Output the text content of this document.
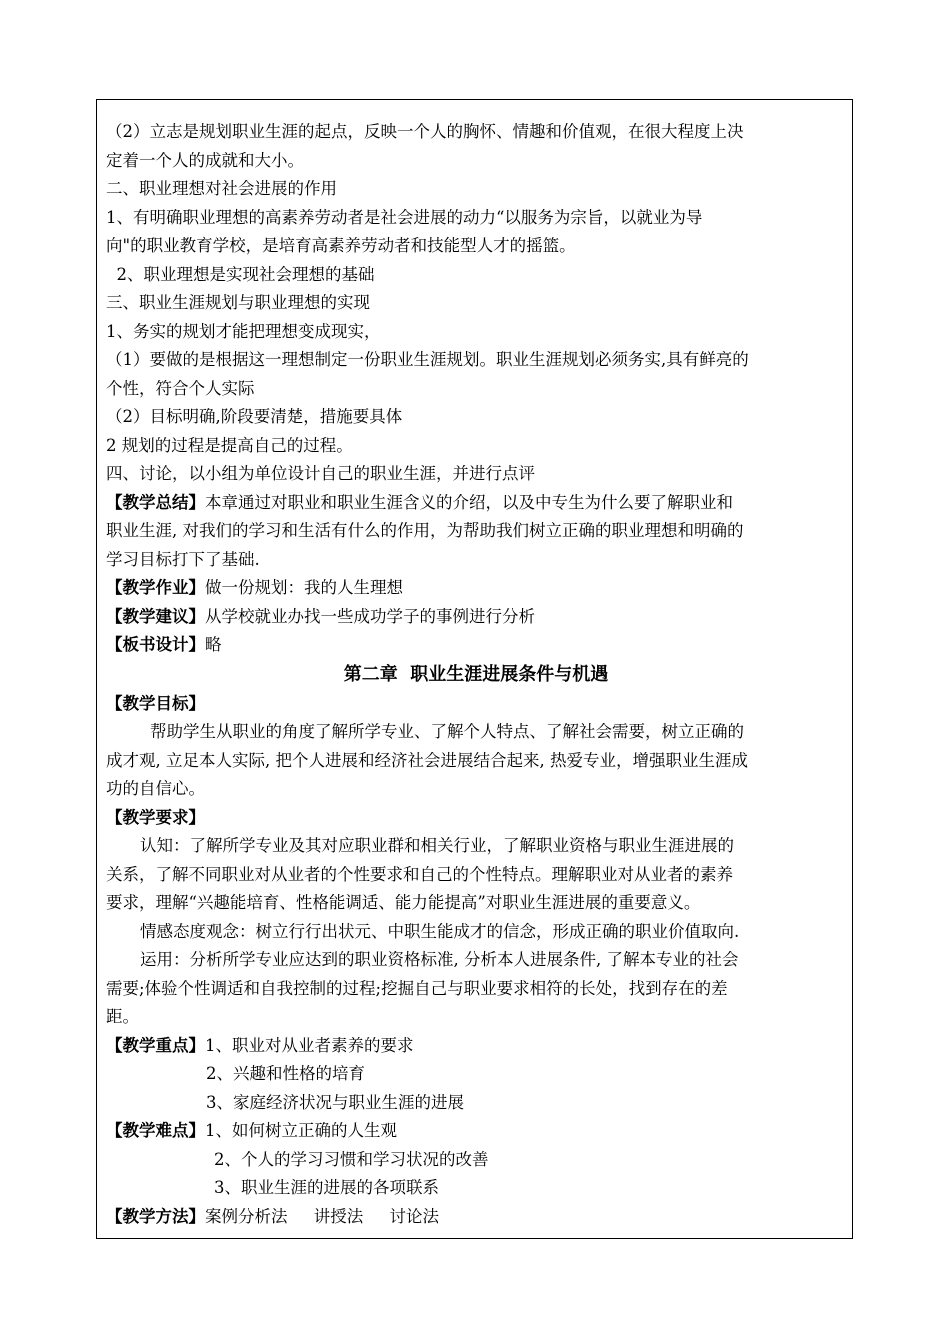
（2）立志是规划职业生涯的起点，反映一个人的胸怀、情趣和价值观，在很大程度上决
定着一个人的成就和大小。
二、职业理想对社会进展的作用
1、有明确职业理想的高素养劳动者是社会进展的动力“以服务为宗旨，以就业为导
向"的职业教育学校，是培育高素养劳动者和技能型人才的摇篮。
2、职业理想是实现社会理想的基础
三、职业生涯规划与职业理想的实现
1、务实的规划才能把理想变成现实，
（1）要做的是根据这一理想制定一份职业生涯规划。职业生涯规划必须务实,具有鲜亮的
个性，符合个人实际
（2）目标明确,阶段要清楚，措施要具体
2 规划的过程是提高自己的过程。
四、讨论，以小组为单位设计自己的职业生涯，并进行点评
【教学总结】本章通过对职业和职业生涯含义的介绍，以及中专生为什么要了解职业和
职业生涯, 对我们的学习和生活有什么的作用，为帮助我们树立正确的职业理想和明确的
学习目标打下了基础.
【教学作业】做一份规划：我的人生理想
【教学建议】从学校就业办找一些成功学子的事例进行分析
【板书设计】略
第二章  职业生涯进展条件与机遇
【教学目标】
帮助学生从职业的角度了解所学专业、了解个人特点、了解社会需要，树立正确的
成才观, 立足本人实际, 把个人进展和经济社会进展结合起来, 热爱专业，增强职业生涯成
功的自信心。
【教学要求】
认知：了解所学专业及其对应职业群和相关行业，了解职业资格与职业生涯进展的
关系，了解不同职业对从业者的个性要求和自己的个性特点。理解职业对从业者的素养
要求，理解“兴趣能培育、性格能调适、能力能提高”对职业生涯进展的重要意义。
情感态度观念：树立行行出状元、中职生能成才的信念，形成正确的职业价值取向.
运用：分析所学专业应达到的职业资格标准, 分析本人进展条件, 了解本专业的社会
需要;体验个性调适和自我控制的过程;挖掘自己与职业要求相符的长处，找到存在的差
距。
【教学重点】1、职业对从业者素养的要求
2、兴趣和性格的培育
3、家庭经济状况与职业生涯的进展
【教学难点】1、如何树立正确的人生观
2、个人的学习习惯和学习状况的改善
3、职业生涯的进展的各项联系
【教学方法】案例分析法     讲授法     讨论法
